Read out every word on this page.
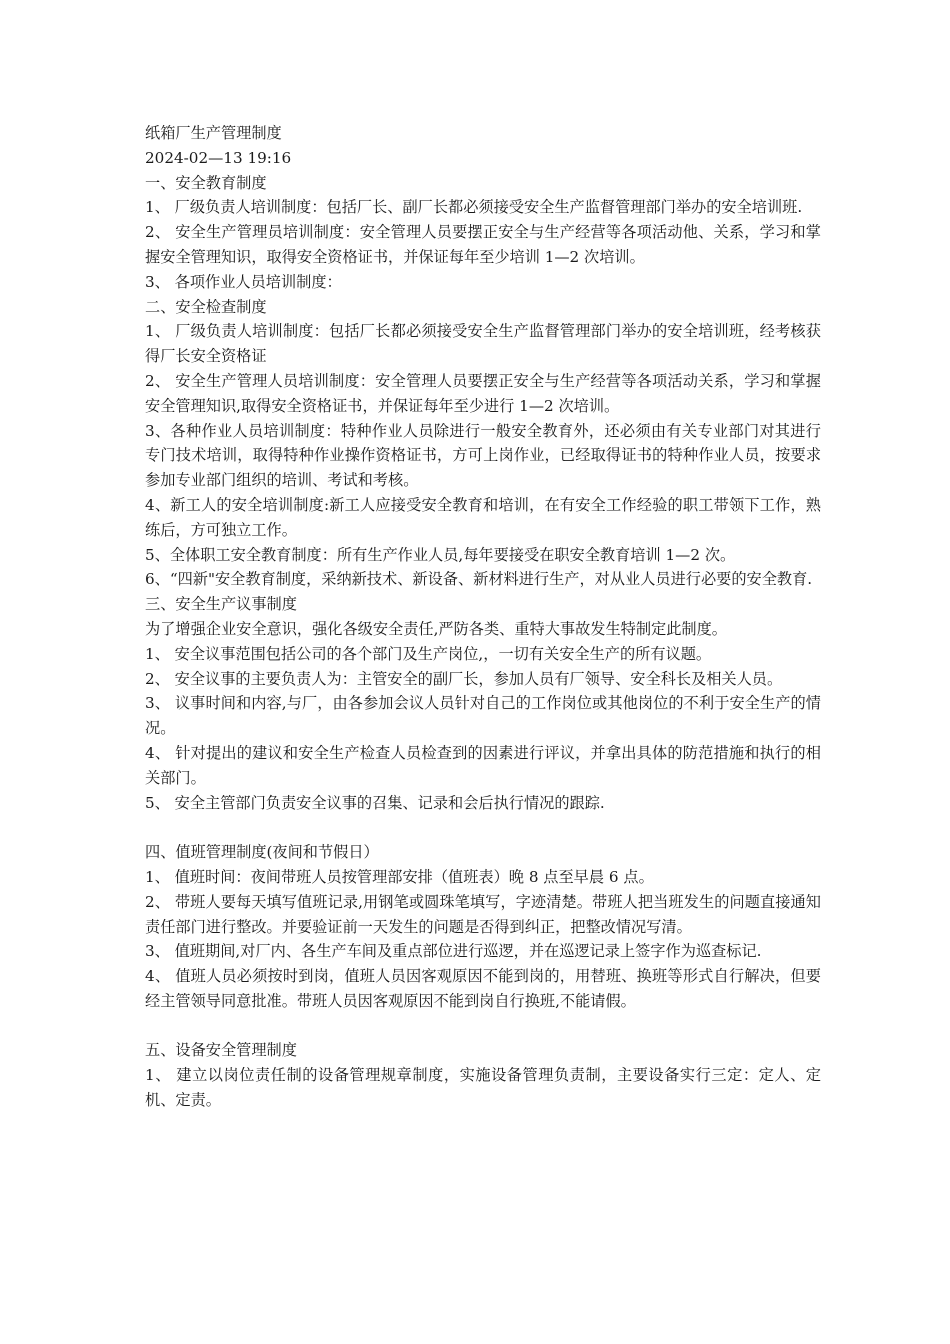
纸箱厂生产管理制度
2024-02—13 19:16
一、安全教育制度
1、 厂级负责人培训制度：包括厂长、副厂长都必须接受安全生产监督管理部门举办的安全培训班.
2、 安全生产管理员培训制度：安全管理人员要摆正安全与生产经营等各项活动他、关系，学习和掌握安全管理知识，取得安全资格证书，并保证每年至少培训 1—2 次培训。
3、 各项作业人员培训制度：
二、安全检查制度
1、 厂级负责人培训制度：包括厂长都必须接受安全生产监督管理部门举办的安全培训班，经考核获得厂长安全资格证
2、 安全生产管理人员培训制度：安全管理人员要摆正安全与生产经营等各项活动关系，学习和掌握安全管理知识,取得安全资格证书，并保证每年至少进行 1—2 次培训。
3、各种作业人员培训制度：特种作业人员除进行一般安全教育外，还必须由有关专业部门对其进行专门技术培训，取得特种作业操作资格证书，方可上岗作业，已经取得证书的特种作业人员，按要求参加专业部门组织的培训、考试和考核。
4、新工人的安全培训制度:新工人应接受安全教育和培训，在有安全工作经验的职工带领下工作，熟练后，方可独立工作。
5、全体职工安全教育制度：所有生产作业人员,每年要接受在职安全教育培训 1—2 次。
6、“四新"安全教育制度，采纳新技术、新设备、新材料进行生产，对从业人员进行必要的安全教育.
三、安全生产议事制度
为了增强企业安全意识，强化各级安全责任,严防各类、重特大事故发生特制定此制度。
1、 安全议事范围包括公司的各个部门及生产岗位,，一切有关安全生产的所有议题。
2、 安全议事的主要负责人为：主管安全的副厂长，参加人员有厂领导、安全科长及相关人员。
3、 议事时间和内容,与厂，由各参加会议人员针对自己的工作岗位或其他岗位的不利于安全生产的情况。
4、 针对提出的建议和安全生产检查人员检查到的因素进行评议，并拿出具体的防范措施和执行的相关部门。
5、 安全主管部门负责安全议事的召集、记录和会后执行情况的跟踪.
四、值班管理制度(夜间和节假日）
1、 值班时间：夜间带班人员按管理部安排（值班表）晚 8 点至早晨 6 点。
2、 带班人要每天填写值班记录,用钢笔或圆珠笔填写，字迹清楚。带班人把当班发生的问题直接通知责任部门进行整改。并要验证前一天发生的问题是否得到纠正，把整改情况写清。
3、 值班期间,对厂内、各生产车间及重点部位进行巡逻，并在巡逻记录上签字作为巡查标记.
4、 值班人员必须按时到岗，值班人员因客观原因不能到岗的，用替班、换班等形式自行解决，但要经主管领导同意批准。带班人员因客观原因不能到岗自行换班,不能请假。
五、设备安全管理制度
1、 建立以岗位责任制的设备管理规章制度，实施设备管理负责制，主要设备实行三定：定人、定机、定责。
